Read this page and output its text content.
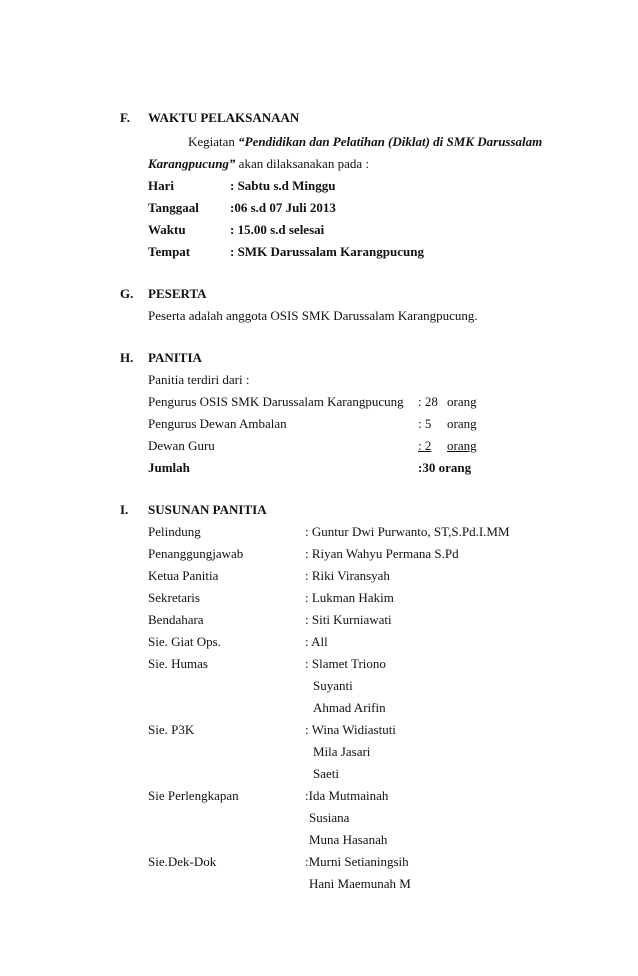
F. WAKTU PELAKSANAAN
Kegiatan “Pendidikan dan Pelatihan (Diklat) di SMK Darussalam
Karangpucung” akan dilaksanakan pada :
Hari	: Sabtu s.d Minggu
Tanggaal :06 s.d 07 Juli 2013
Waktu	: 15.00 s.d selesai
Tempat	: SMK Darussalam Karangpucung
G. PESERTA
Peserta adalah anggota OSIS SMK Darussalam Karangpucung.
H. PANITIA
Panitia terdiri dari :
Pengurus OSIS SMK Darussalam Karangpucung : 28 orang
Pengurus Dewan Ambalan	: 5 orang
Dewan Guru	: 2	orang
Jumlah	:30 orang
I. SUSUNAN PANITIA
Pelindung	: Guntur Dwi Purwanto, ST,S.Pd.I.MM
Penanggungjawab	: Riyan Wahyu Permana S.Pd
Ketua Panitia	: Riki Viransyah
Sekretaris	: Lukman Hakim
Bendahara	: Siti Kurniawati
Sie. Giat Ops.	: All
Sie. Humas	: Slamet Triono
Suyanti
Ahmad Arifin
Sie. P3K	: Wina Widiastuti
Mila Jasari
Saeti
Sie Perlengkapan	:Ida Mutmainah
Susiana
Muna Hasanah
Sie.Dek-Dok	:Murni Setianingsih
Hani Maemunah M
